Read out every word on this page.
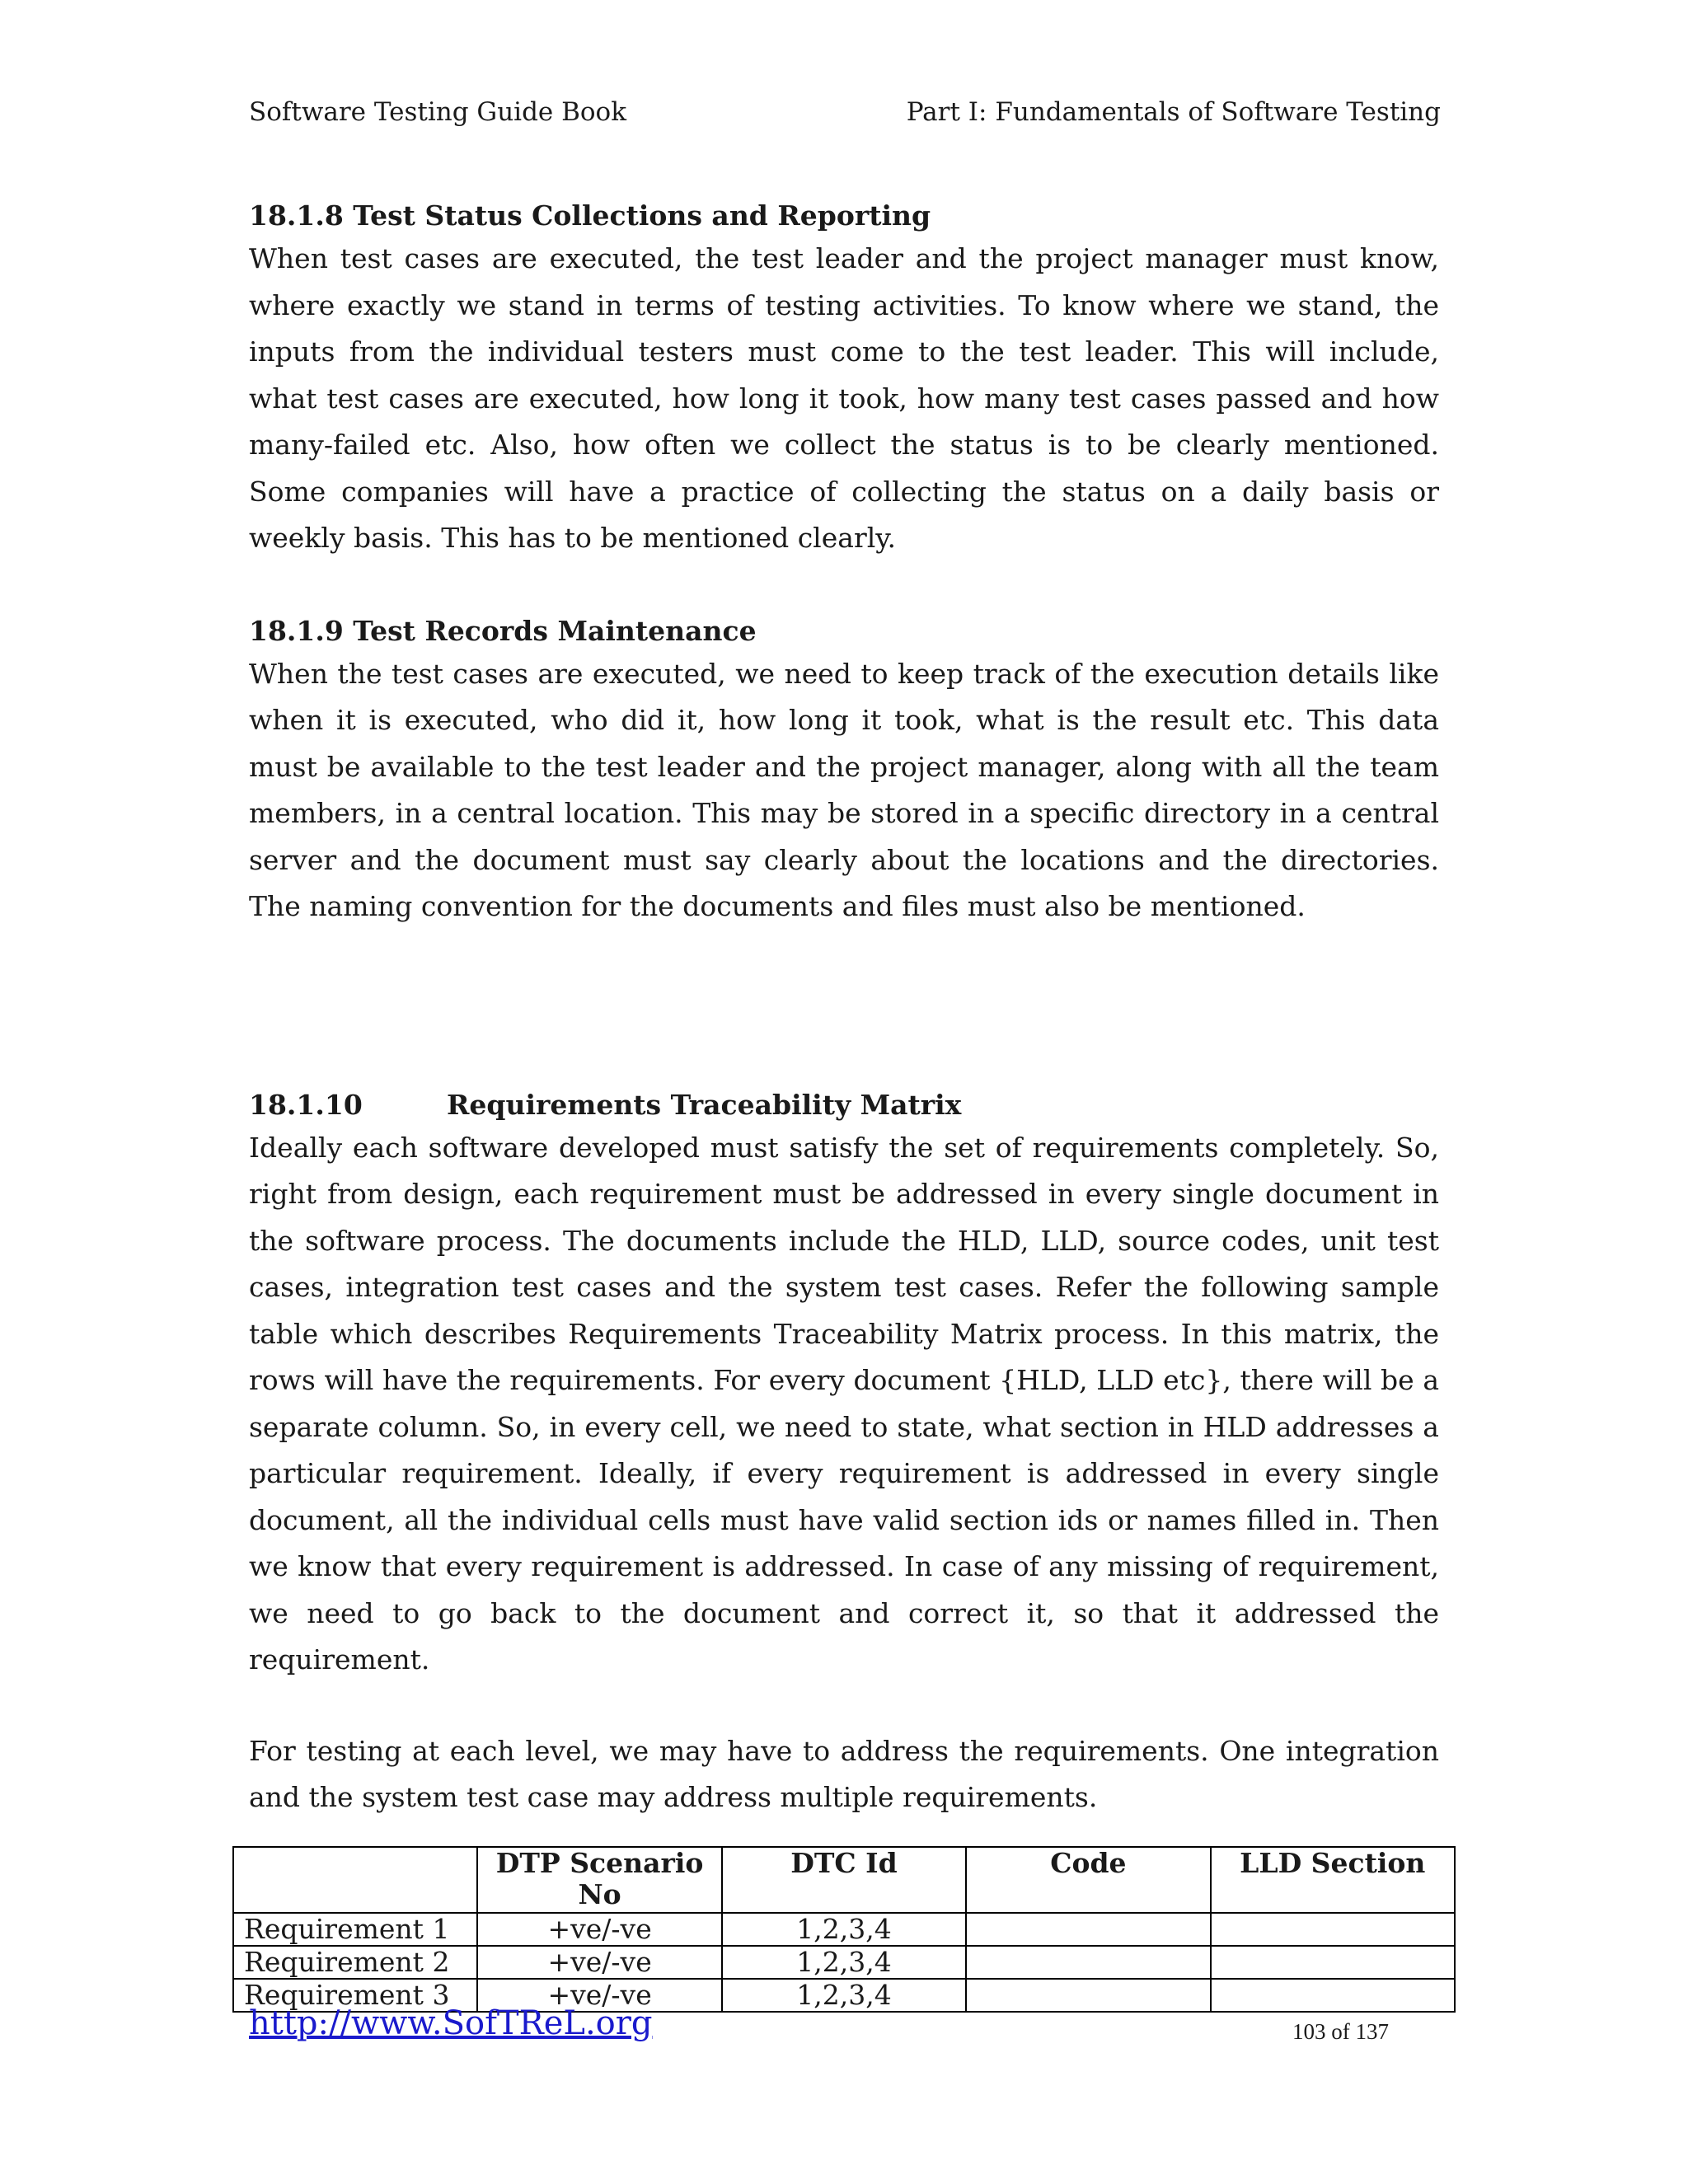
Software Testing Guide Book	Part I: Fundamentals of Software Testing
18.1.8 Test Status Collections and Reporting

When test cases are executed, the test leader and the project manager must know, where exactly we stand in terms of testing activities. To know where we stand, the inputs from the individual testers must come to the test leader. This will include, what test cases are executed, how long it took, how many test cases passed and how many-failed etc. Also, how often we collect the status is to be clearly mentioned. Some companies will have a practice of collecting the status on a daily basis or weekly basis. This has to be mentioned clearly.

18.1.9 Test Records Maintenance

When the test cases are executed, we need to keep track of the execution details like when it is executed, who did it, how long it took, what is the result etc. This data must be available to the test leader and the project manager, along with all the team members, in a central location. This may be stored in a specific directory in a central server and the document must say clearly about the locations and the directories. The naming convention for the documents and files must also be mentioned.

18.1.10	Requirements Traceability Matrix

Ideally each software developed must satisfy the set of requirements completely. So, right from design, each requirement must be addressed in every single document in the software process. The documents include the HLD, LLD, source codes, unit test cases, integration test cases and the system test cases. Refer the following sample table which describes Requirements Traceability Matrix process. In this matrix, the rows will have the requirements. For every document {HLD, LLD etc}, there will be a separate column. So, in every cell, we need to state, what section in HLD addresses a particular requirement. Ideally, if every requirement is addressed in every single document, all the individual cells must have valid section ids or names filled in. Then we know that every requirement is addressed. In case of any missing of requirement, we need to go back to the document and correct it, so that it addressed the requirement.

For testing at each level, we may have to address the requirements. One integration and the system test case may address multiple requirements.

	DTP Scenario No	DTC Id	Code	LLD Section
Requirement 1	+ve/-ve	1,2,3,4		
Requirement 2	+ve/-ve	1,2,3,4		
Requirement 3	+ve/-ve	1,2,3,4		
http://www.SofTReL.org	103 of 137
